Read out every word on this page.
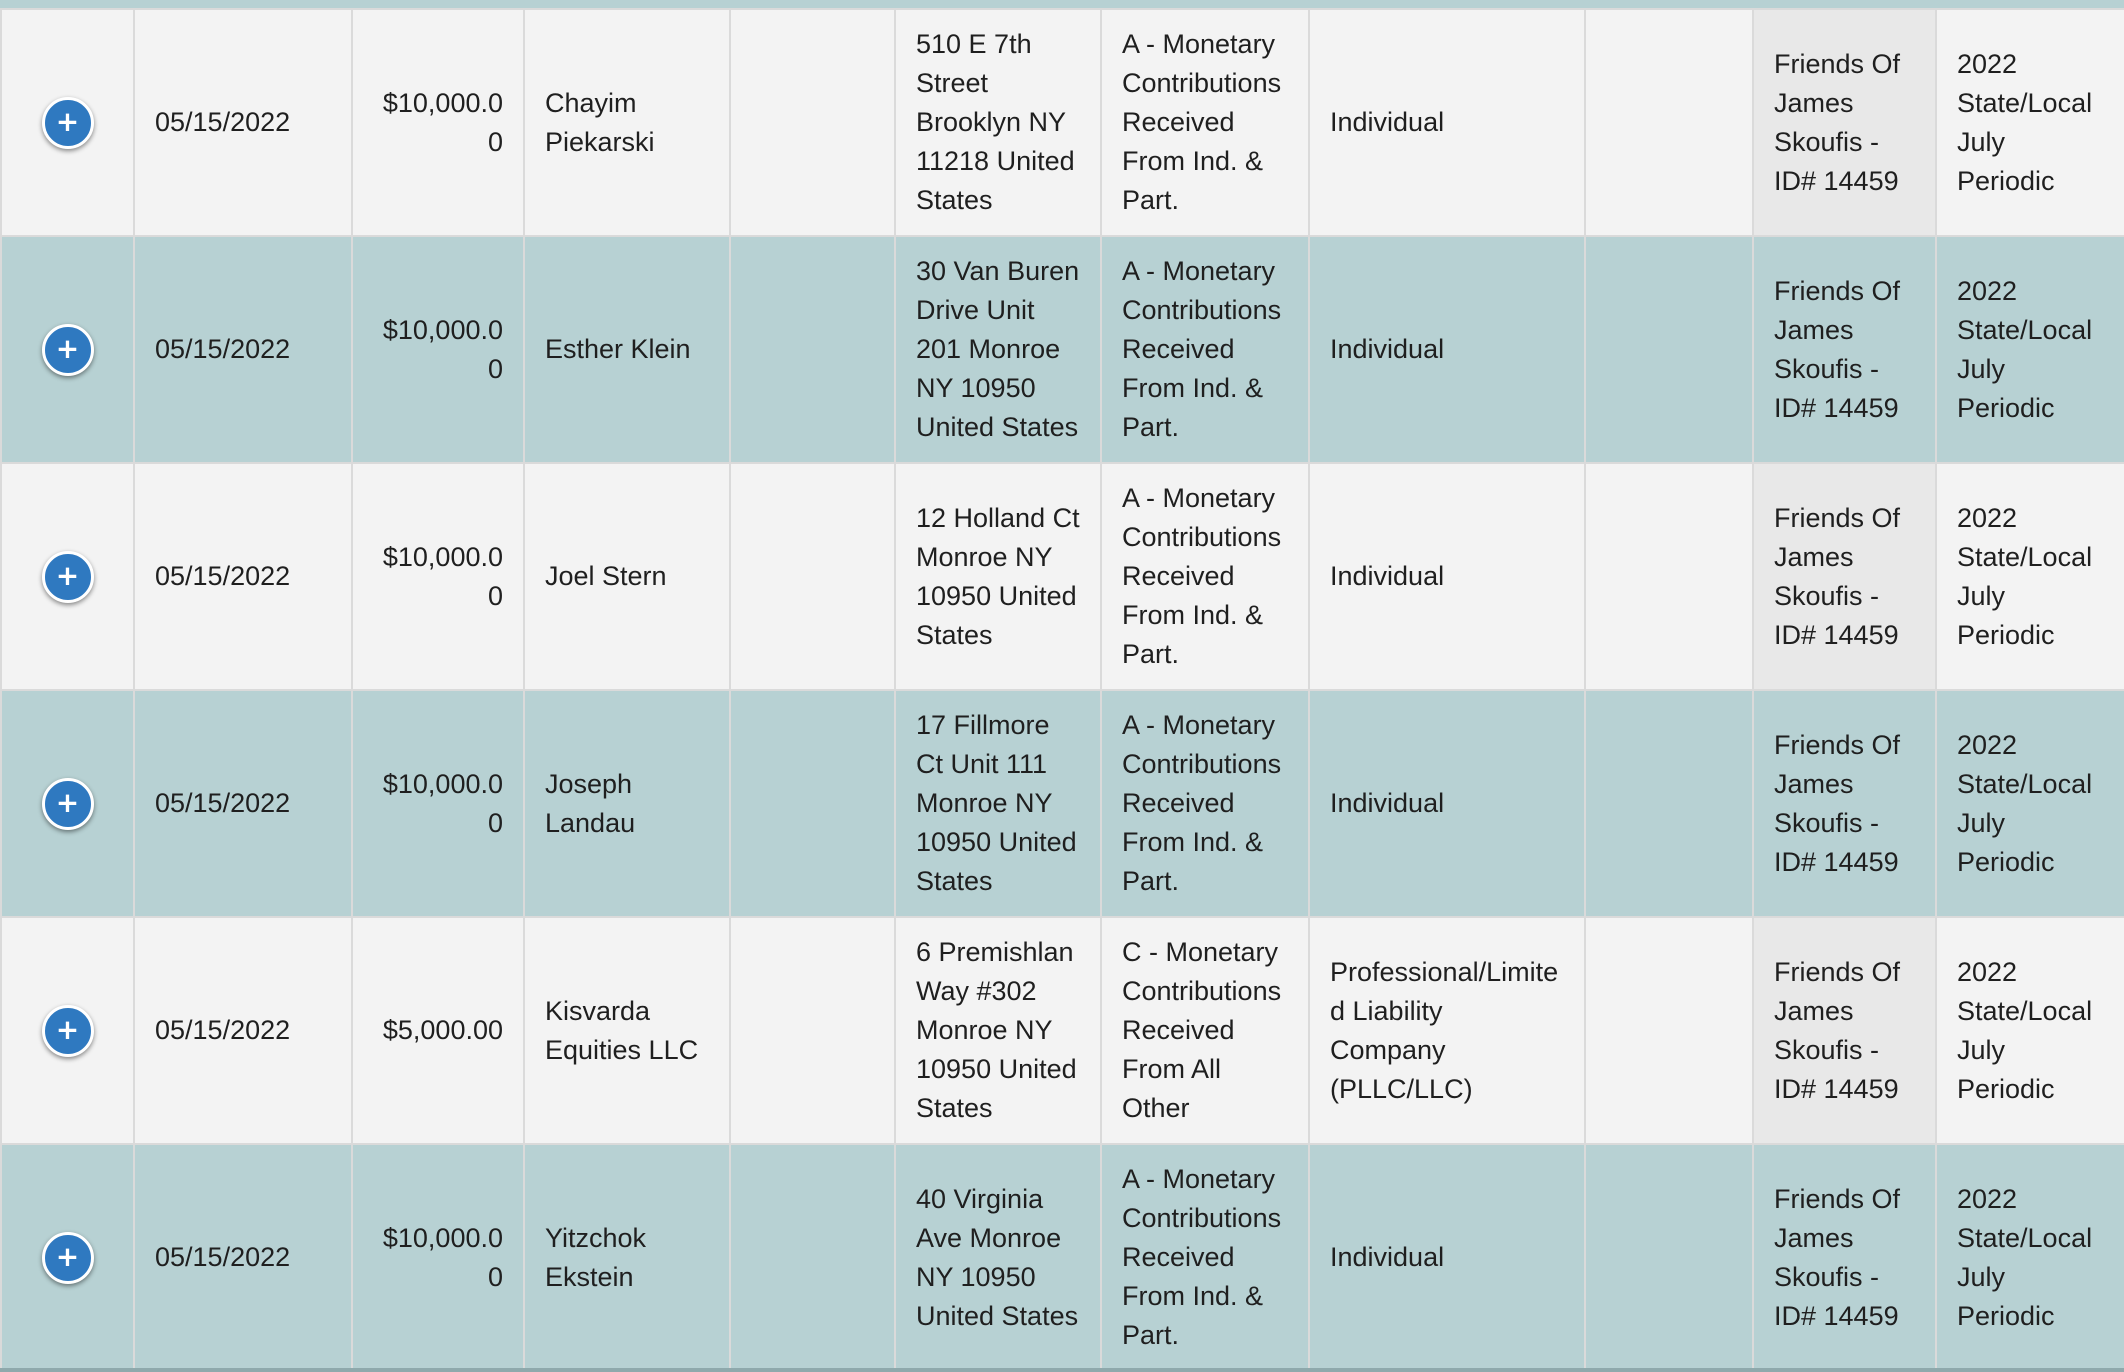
+	05/15/2022	$10,000.00	Chayim Piekarski		510 E 7th Street Brooklyn NY 11218 United States	A - Monetary Contributions Received From Ind. & Part.	Individual		Friends Of James Skoufis - ID# 14459	2022 State/Local July Periodic
+	05/15/2022	$10,000.00	Esther Klein		30 Van Buren Drive Unit 201 Monroe NY 10950 United States	A - Monetary Contributions Received From Ind. & Part.	Individual		Friends Of James Skoufis - ID# 14459	2022 State/Local July Periodic
+	05/15/2022	$10,000.00	Joel Stern		12 Holland Ct Monroe NY 10950 United States	A - Monetary Contributions Received From Ind. & Part.	Individual		Friends Of James Skoufis - ID# 14459	2022 State/Local July Periodic
+	05/15/2022	$10,000.00	Joseph Landau		17 Fillmore Ct Unit 111 Monroe NY 10950 United States	A - Monetary Contributions Received From Ind. & Part.	Individual		Friends Of James Skoufis - ID# 14459	2022 State/Local July Periodic
+	05/15/2022	$5,000.00	Kisvarda Equities LLC		6 Premishlan Way #302 Monroe NY 10950 United States	C - Monetary Contributions Received From All Other	Professional/Limited Liability Company (PLLC/LLC)		Friends Of James Skoufis - ID# 14459	2022 State/Local July Periodic
+	05/15/2022	$10,000.00	Yitzchok Ekstein		40 Virginia Ave Monroe NY 10950 United States	A - Monetary Contributions Received From Ind. & Part.	Individual		Friends Of James Skoufis - ID# 14459	2022 State/Local July Periodic
